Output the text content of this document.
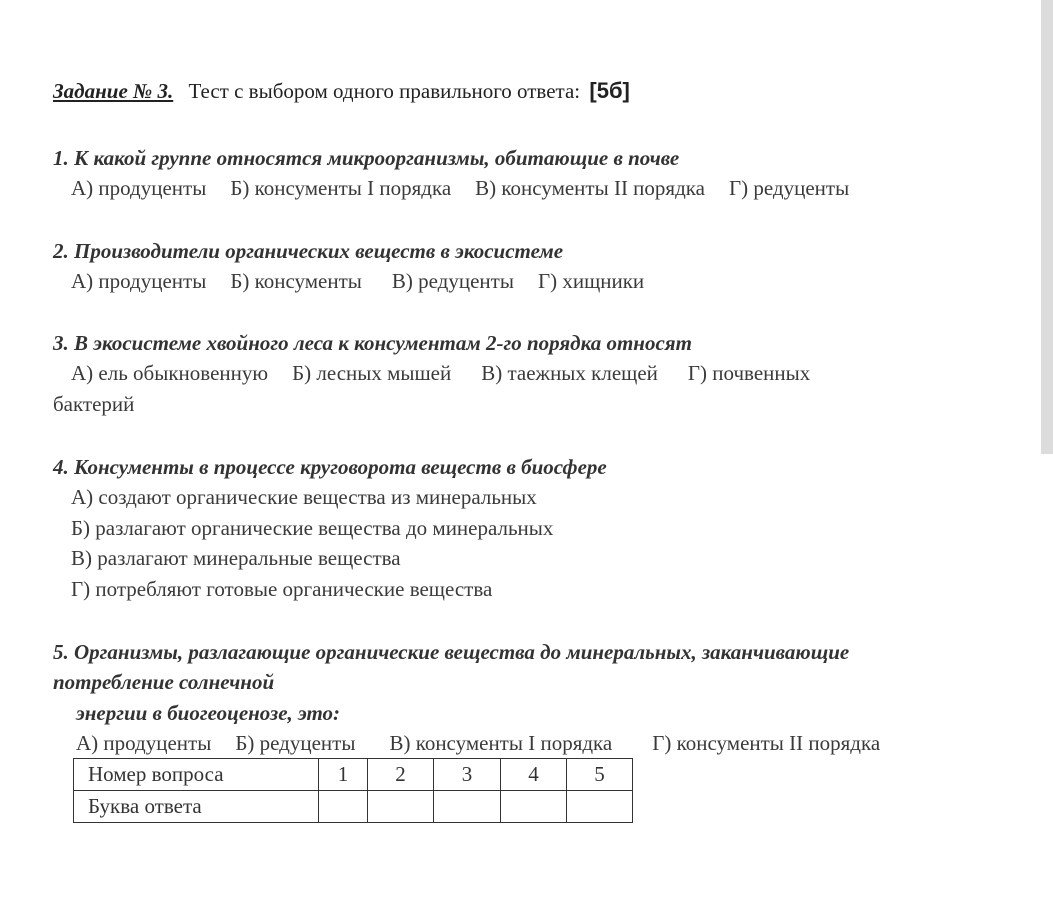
Задание № 3. Тест с выбором одного правильного ответа: [5б]
1. К какой группе относятся микроорганизмы, обитающие в почве
А) продуценты Б) консументы I порядка В) консументы II порядка Г) редуценты
2. Производители органических веществ в экосистеме
А) продуценты Б) консументы В) редуценты Г) хищники
3. В экосистеме хвойного леса к консументам 2-го порядка относят
А) ель обыкновенную Б) лесных мышей В) таежных клещей Г) почвенных
бактерий
4. Консументы в процессе круговорота веществ в биосфере
А) создают органические вещества из минеральных
Б) разлагают органические вещества до минеральных
В) разлагают минеральные вещества
Г) потребляют готовые органические вещества
5. Организмы, разлагающие органические вещества до минеральных, заканчивающие
потребление солнечной
энергии в биогеоценозе, это:
А) продуценты Б) редуценты В) консументы I порядка Г) консументы II порядка
Номер вопроса	1	2	3	4	5
Буква ответа					
